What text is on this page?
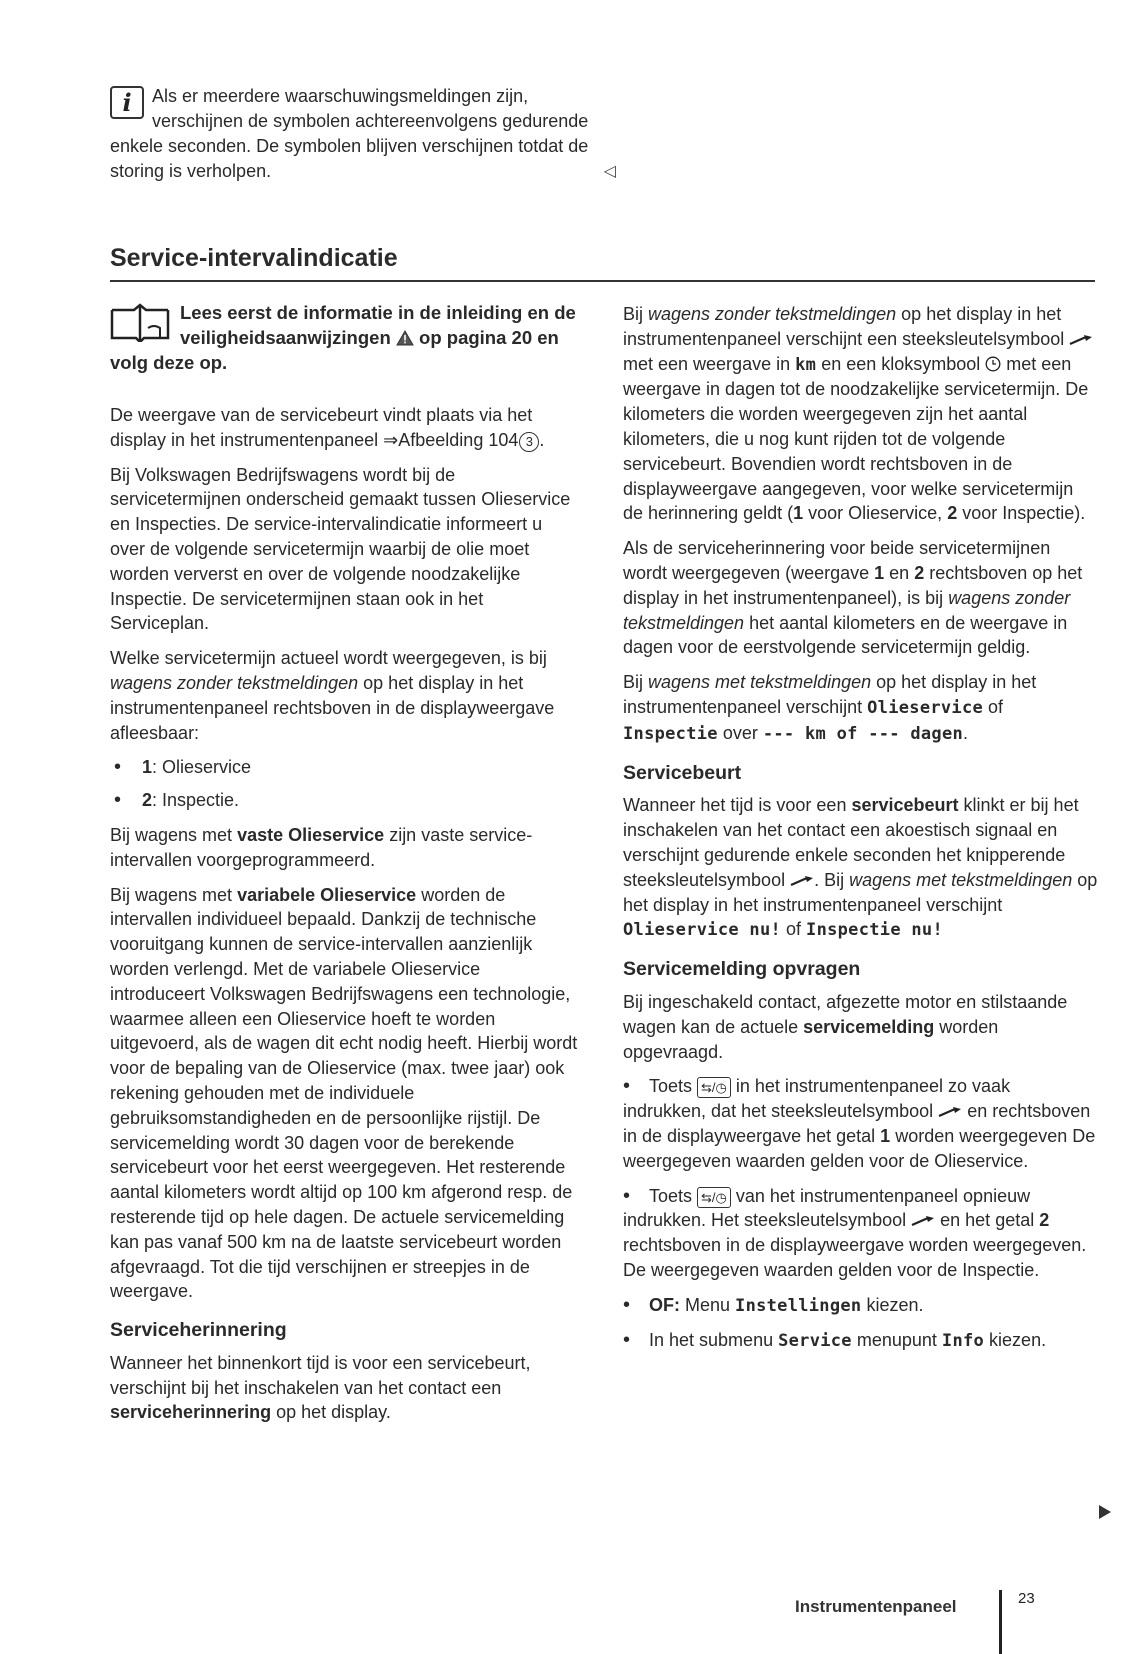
i	Als er meerdere waarschuwingsmeldingen zijn, verschijnen de symbolen achtereenvolgens gedurende enkele seconden. De symbolen blijven verschijnen totdat de storing is verholpen.	◁
Service-intervalindicatie
Lees eerst de informatie in de inleiding en de veiligheidsaanwijzingen op pagina 20 en volg deze op.

De weergave van de servicebeurt vindt plaats via het display in het instrumentenpaneel ⇒Afbeelding 104 3 .

Bij Volkswagen Bedrijfswagens wordt bij de servicetermijnen onderscheid gemaakt tussen Olieservice en Inspecties. De service-intervalindicatie informeert u over de volgende servicetermijn waarbij de olie moet worden ververst en over de volgende noodzakelijke Inspectie. De servicetermijnen staan ook in het Serviceplan.

Welke servicetermijn actueel wordt weergegeven, is bij wagens zonder tekstmeldingen op het display in het instrumentenpaneel rechtsboven in de displayweergave afleesbaar:

• 1: Olieservice
• 2: Inspectie.

Bij wagens met vaste Olieservice zijn vaste service-intervallen voorgeprogrammeerd.

Bij wagens met variabele Olieservice worden de intervallen individueel bepaald. Dankzij de technische vooruitgang kunnen de service-intervallen aanzienlijk worden verlengd. Met de variabele Olieservice introduceert Volkswagen Bedrijfswagens een technologie, waarmee alleen een Olieservice hoeft te worden uitgevoerd, als de wagen dit echt nodig heeft. Hierbij wordt voor de bepaling van de Olieservice (max. twee jaar) ook rekening gehouden met de individuele gebruiksomstandigheden en de persoonlijke rijstijl. De servicemelding wordt 30 dagen voor de berekende servicebeurt voor het eerst weergegeven. Het resterende aantal kilometers wordt altijd op 100 km afgerond resp. de resterende tijd op hele dagen. De actuele servicemelding kan pas vanaf 500 km na de laatste servicebeurt worden afgevraagd. Tot die tijd verschijnen er streepjes in de weergave.

Serviceherinnering

Wanneer het binnenkort tijd is voor een servicebeurt, verschijnt bij het inschakelen van het contact een serviceherinnering op het display.

Bij wagens zonder tekstmeldingen op het display in het instrumentenpaneel verschijnt een steeksleutelsymbool  met een weergave in km en een kloksymbool  met een weergave in dagen tot de noodzakelijke servicetermijn. De kilometers die worden weergegeven zijn het aantal kilometers, die u nog kunt rijden tot de volgende servicebeurt. Bovendien wordt rechtsboven in de displayweergave aangegeven, voor welke servicetermijn de herinnering geldt (1 voor Olieservice, 2 voor Inspectie).

Als de serviceherinnering voor beide servicetermijnen wordt weergegeven (weergave 1 en 2 rechtsboven op het display in het instrumentenpaneel), is bij wagens zonder tekstmeldingen het aantal kilometers en de weergave in dagen voor de eerstvolgende servicetermijn geldig.

Bij wagens met tekstmeldingen op het display in het instrumentenpaneel verschijnt Olieservice of Inspectie over --- km of --- dagen.

Servicebeurt

Wanneer het tijd is voor een servicebeurt klinkt er bij het inschakelen van het contact een akoestisch signaal en verschijnt gedurende enkele seconden het knipperende steeksleutelsymbool . Bij wagens met tekstmeldingen op het display in het instrumentenpaneel verschijnt Olieservice nu! of Inspectie nu!

Servicemelding opvragen

Bij ingeschakeld contact, afgezette motor en stilstaande wagen kan de actuele servicemelding worden opgevraagd.

• Toets ⇆/◷ in het instrumentenpaneel zo vaak indrukken, dat het steeksleutelsymbool  en rechtsboven in de displayweergave het getal 1 worden weergegeven De weergegeven waarden gelden voor de Olieservice.

• Toets ⇆/◷ van het instrumentenpaneel opnieuw indrukken. Het steeksleutelsymbool  en het getal 2 rechtsboven in de displayweergave worden weergegeven. De weergegeven waarden gelden voor de Inspectie.

• OF: Menu Instellingen kiezen.

• In het submenu Service menupunt Info kiezen.

Instrumentenpaneel	23
